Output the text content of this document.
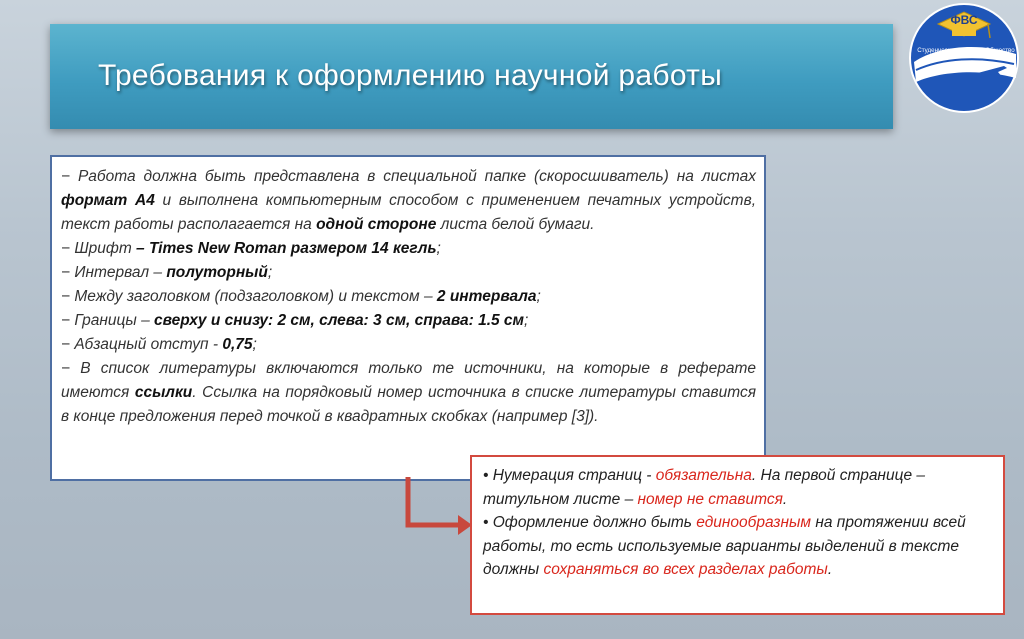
Требования к оформлению научной работы
ФВС
Студенческое Научное Общество

− Работа должна быть представлена в специальной папке (скоросшиватель) на листах формат А4 и выполнена компьютерным способом с применением печатных устройств, текст работы располагается на одной стороне листа белой бумаги.

− Шрифт – Times New Roman размером 14 кегль;

− Интервал – полуторный;

− Между заголовком (подзаголовком) и текстом – 2 интервала;

− Границы – сверху и снизу: 2 см, слева: 3 см, справа: 1.5 см;

− Абзацный отступ - 0,75;

− В список литературы включаются только те источники, на которые в реферате имеются ссылки. Ссылка на порядковый номер источника в списке литературы ставится в конце предложения перед точкой в квадратных скобках (например [3]).

• Нумерация страниц - обязательна. На первой странице – титульном листе – номер не ставится.

• Оформление должно быть единообразным на протяжении всей работы, то есть используемые варианты выделений в тексте должны сохраняться во всех разделах работы.
